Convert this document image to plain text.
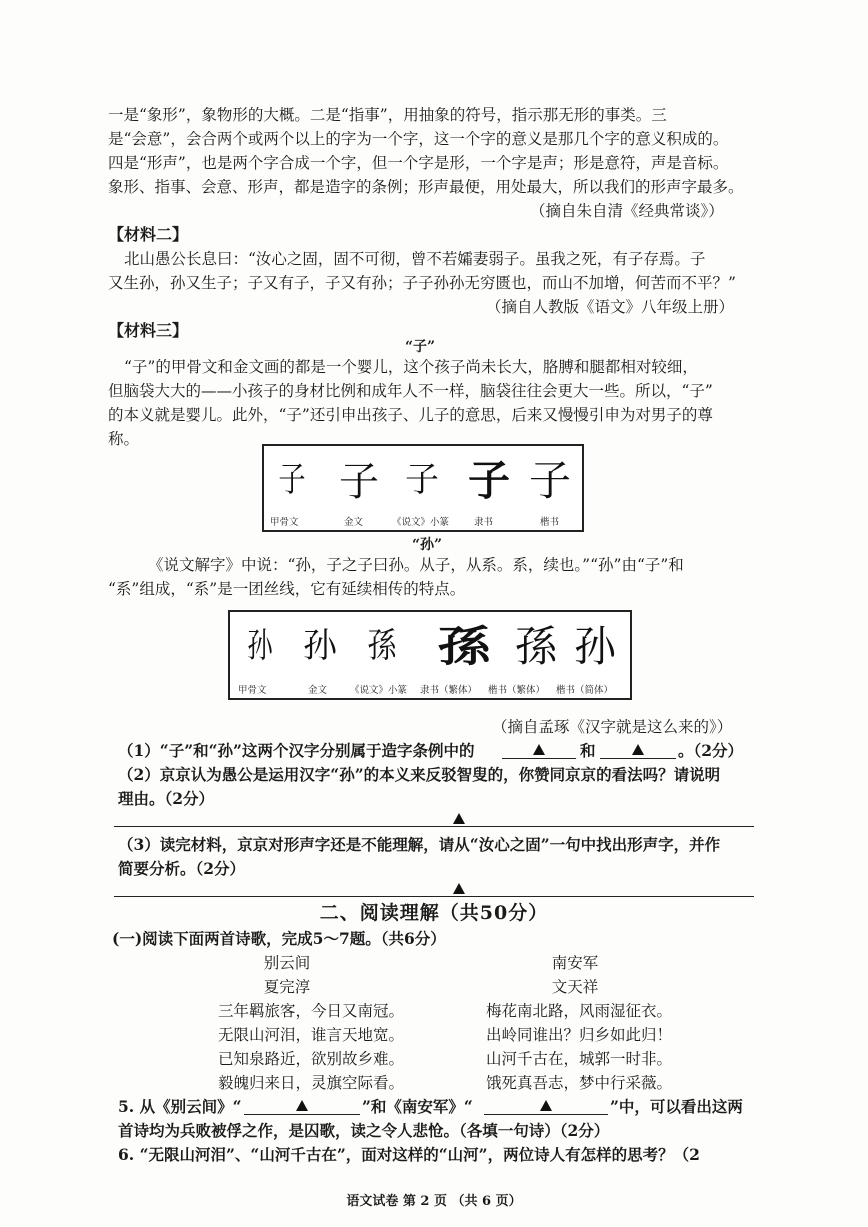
一是“象形”，象物形的大概。二是“指事”，用抽象的符号，指示那无形的事类。三
是“会意”，会合两个或两个以上的字为一个字，这一个字的意义是那几个字的意义积成的。
四是“形声”，也是两个字合成一个字，但一个字是形，一个字是声；形是意符，声是音标。
象形、指事、会意、形声，都是造字的条例；形声最便，用处最大，所以我们的形声字最多。
（摘自朱自清《经典常谈》）
【材料二】
北山愚公长息曰：“汝心之固，固不可彻，曾不若孀妻弱子。虽我之死，有子存焉。子
又生孙，孙又生子；子又有子，子又有孙；子子孙孙无穷匮也，而山不加增，何苦而不平？”
（摘自人教版《语文》八年级上册）
【材料三】
“子”
“子”的甲骨文和金文画的都是一个婴儿，这个孩子尚未长大，胳膊和腿都相对较细，
但脑袋大大的——小孩子的身材比例和成年人不一样，脑袋往往会更大一些。所以，“子”
的本义就是婴儿。此外，“子”还引申出孩子、儿子的意思，后来又慢慢引申为对男子的尊
称。
子 子 子 子 子
甲骨文	金文	《说文》小篆	隶书	楷书
“孙”
《说文解字》中说：“孙，子之子曰孙。从子，从系。系，续也。”“孙”由“子”和
“系”组成，“系”是一团丝线，它有延续相传的特点。
孙 孙 孫 孫 孫 孙
甲骨文	金文 《说文》小篆 隶书（繁体） 楷书（繁体） 楷书（简体）
（摘自孟琢《汉字就是这么来的》）
（1）“子”和“孙”这两个汉字分别属于造字条例中的	和	。（2分）
（2）京京认为愚公是运用汉字“孙”的本义来反驳智叟的，你赞同京京的看法吗？请说明
理由。（2分）
（3）读完材料，京京对形声字还是不能理解，请从“汝心之固”一句中找出形声字，并作
简要分析。（2分）
二、阅读理解（共50分）
(一)阅读下面两首诗歌，完成5～7题。（共6分）
别云间
夏完淳
三年羁旅客，今日又南冠。
无限山河泪，谁言天地宽。
已知泉路近，欲别故乡难。
毅魄归来日，灵旗空际看。
南安军
文天祥
梅花南北路，风雨湿征衣。
出岭同谁出？归乡如此归！
山河千古在，城郭一时非。
饿死真吾志，梦中行采薇。
5. 从《别云间》“	”和《南安军》“	”中，可以看出这两
首诗均为兵败被俘之作，是囚歌，读之令人悲怆。（各填一句诗）（2分）
6. “无限山河泪”、“山河千古在”，面对这样的“山河”，两位诗人有怎样的思考？（2
语文试卷 第 2 页 （共 6 页）
